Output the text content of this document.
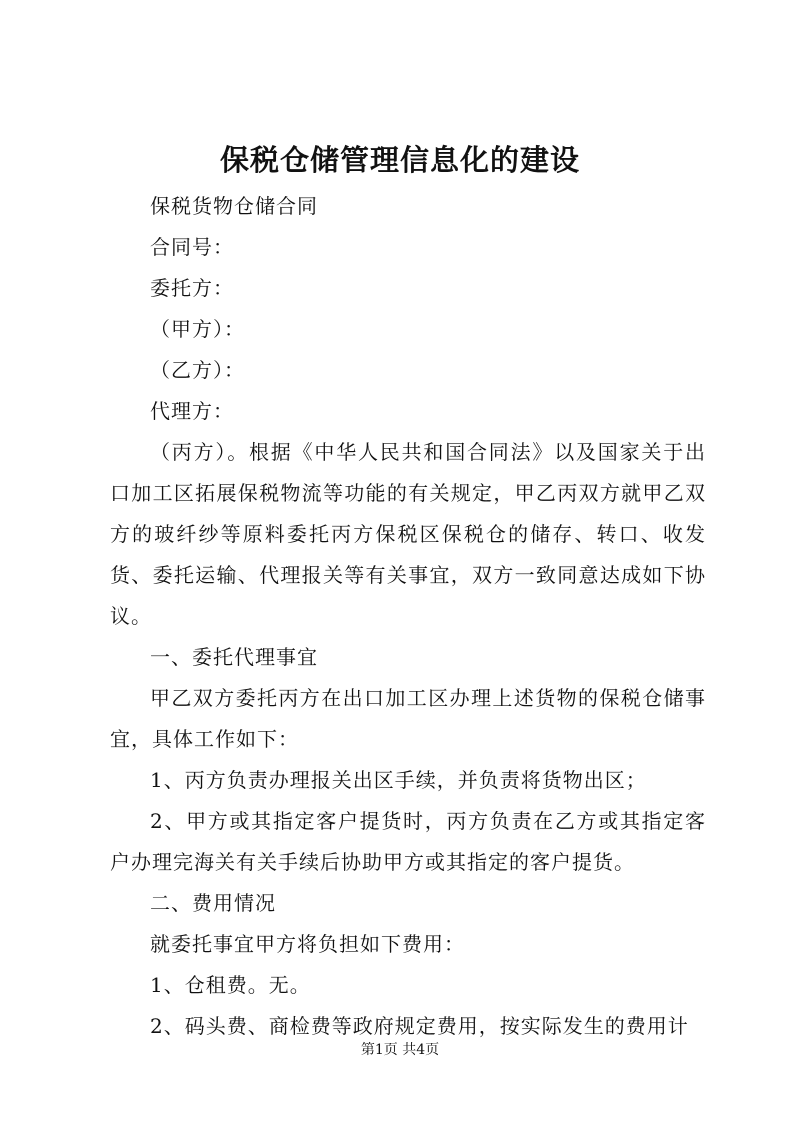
保税仓储管理信息化的建设

保税货物仓储合同

合同号：

委托方：

（甲方）：

（乙方）：

代理方：

（丙方）。根据《中华人民共和国合同法》以及国家关于出口加工区拓展保税物流等功能的有关规定，甲乙丙双方就甲乙双方的玻纤纱等原料委托丙方保税区保税仓的储存、转口、收发货、委托运输、代理报关等有关事宜，双方一致同意达成如下协议。

一、委托代理事宜

甲乙双方委托丙方在出口加工区办理上述货物的保税仓储事宜，具体工作如下：

1、丙方负责办理报关出区手续，并负责将货物出区；

2、甲方或其指定客户提货时，丙方负责在乙方或其指定客户办理完海关有关手续后协助甲方或其指定的客户提货。

二、费用情况

就委托事宜甲方将负担如下费用：

1、仓租费。无。

2、码头费、商检费等政府规定费用，按实际发生的费用计

第1页 共4页
